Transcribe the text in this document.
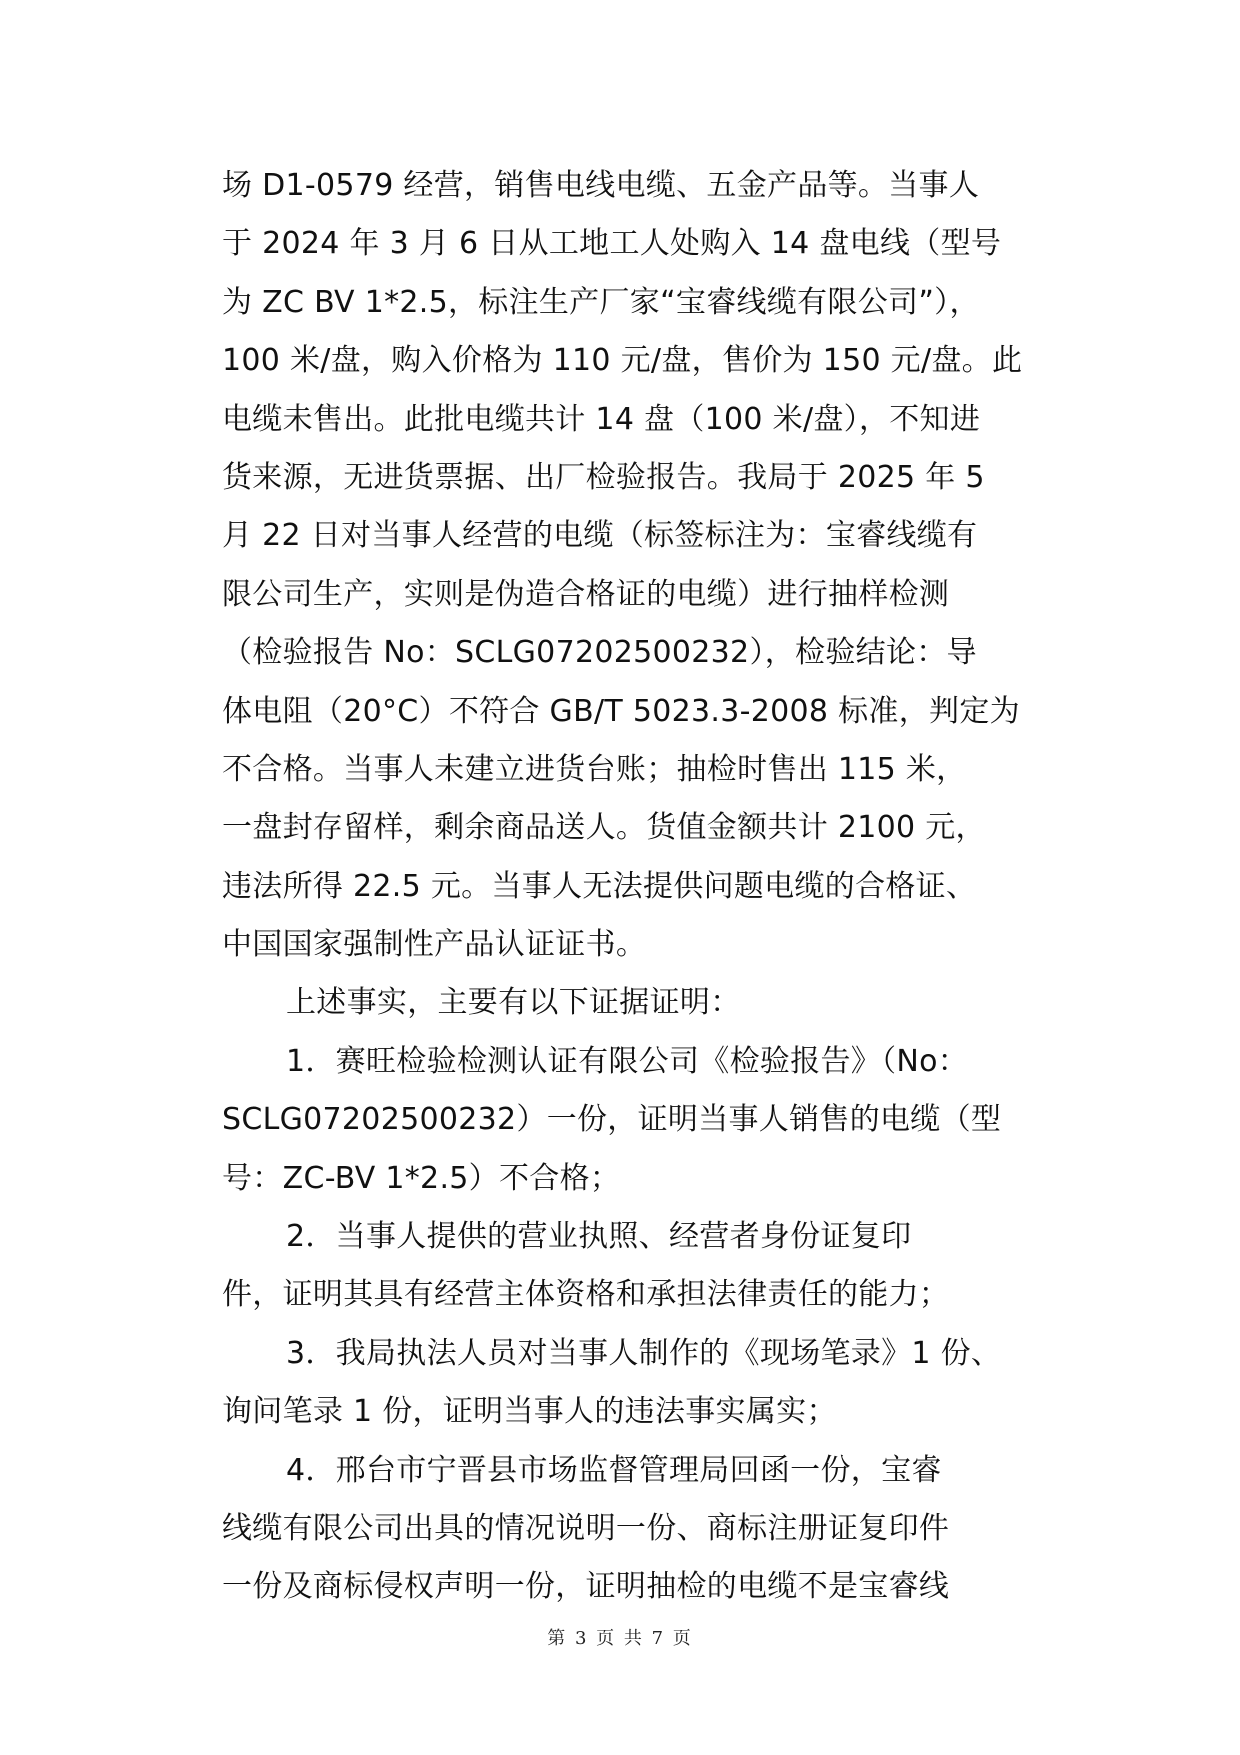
场 D1-0579 经营，销售电线电缆、五金产品等。当事人
于 2024 年 3 月 6 日从工地工人处购入 14 盘电线（型号
为 ZC BV 1*2.5，标注生产厂家“宝睿线缆有限公司”），
100 米/盘，购入价格为 110 元/盘，售价为 150 元/盘。此
电缆未售出。此批电缆共计 14 盘（100 米/盘），不知进
货来源，无进货票据、出厂检验报告。我局于 2025 年 5
月 22 日对当事人经营的电缆（标签标注为：宝睿线缆有
限公司生产，实则是伪造合格证的电缆）进行抽样检测
（检验报告 No：SCLG07202500232），检验结论：导
体电阻（20°C）不符合 GB/T 5023.3-2008 标准，判定为
不合格。当事人未建立进货台账；抽检时售出 115 米，
一盘封存留样，剩余商品送人。货值金额共计 2100 元，
违法所得 22.5 元。当事人无法提供问题电缆的合格证、
中国国家强制性产品认证证书。
上述事实，主要有以下证据证明：
1．赛旺检验检测认证有限公司《检验报告》（No：
SCLG07202500232）一份，证明当事人销售的电缆（型
号：ZC-BV 1*2.5）不合格；
2．当事人提供的营业执照、经营者身份证复印
件，证明其具有经营主体资格和承担法律责任的能力；
3．我局执法人员对当事人制作的《现场笔录》1 份、
询问笔录 1 份，证明当事人的违法事实属实；
4．邢台市宁晋县市场监督管理局回函一份，宝睿
线缆有限公司出具的情况说明一份、商标注册证复印件
一份及商标侵权声明一份，证明抽检的电缆不是宝睿线
第 3 页 共 7 页
